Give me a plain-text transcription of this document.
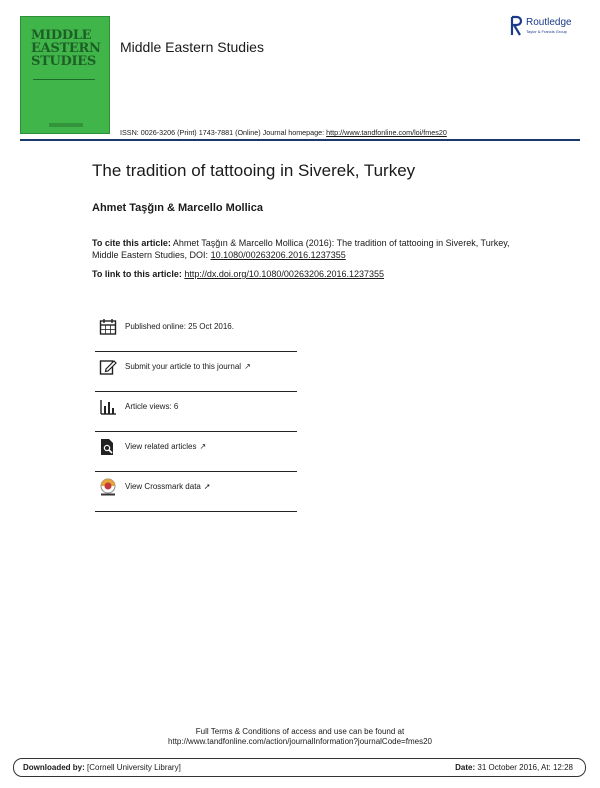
MIDDLE EASTERN STUDIES
Middle Eastern Studies
Routledge
Taylor & Francis Group
ISSN: 0026-3206 (Print) 1743-7881 (Online) Journal homepage: http://www.tandfonline.com/loi/fmes20
The tradition of tattooing in Siverek, Turkey
Ahmet Taşğın & Marcello Mollica
To cite this article: Ahmet Taşğın & Marcello Mollica (2016): The tradition of tattooing in Siverek, Turkey, Middle Eastern Studies, DOI: 10.1080/00263206.2016.1237355
To link to this article: http://dx.doi.org/10.1080/00263206.2016.1237355
Published online: 25 Oct 2016.
Submit your article to this journal ↗
Article views: 6
View related articles ↗
View Crossmark data ➚
Full Terms & Conditions of access and use can be found at
http://www.tandfonline.com/action/journalInformation?journalCode=fmes20
Downloaded by: [Cornell University Library]	Date: 31 October 2016, At: 12:28
